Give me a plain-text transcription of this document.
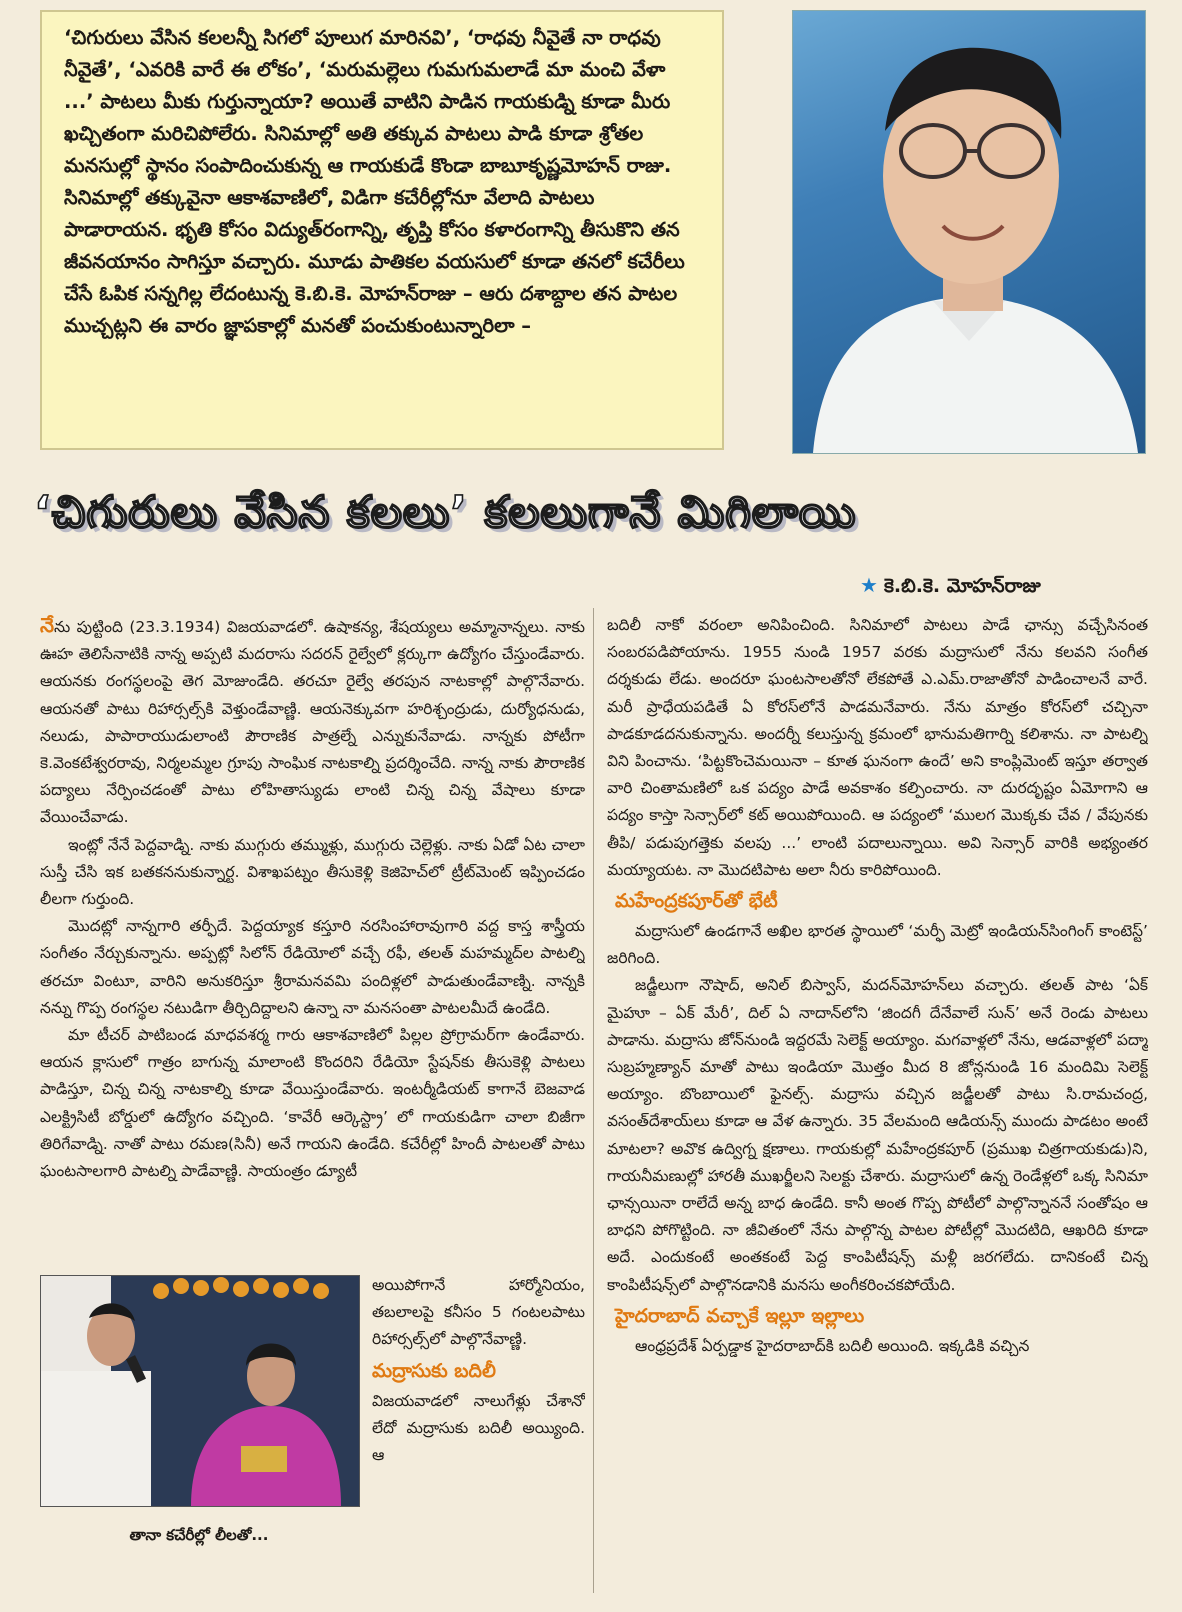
‘చిగురులు వేసిన కలలన్నీ సిగలో పూలుగ మారినవి’, ‘రాధవు నీవైతే నా రాధవు నీవైతే’, ‘ఎవరికి వారే ఈ లోకం’, ‘మరుమల్లెలు గుమగుమలాడే మా మంచి వేళా ...’ పాటలు మీకు గుర్తున్నాయా? అయితే వాటిని పాడిన గాయకుడ్ని కూడా మీరు ఖచ్చితంగా మరిచిపోలేరు. సినిమాల్లో అతి తక్కువ పాటలు పాడి కూడా శ్రోతల మనసుల్లో స్థానం సంపాదించుకున్న ఆ గాయకుడే కొండా బాబూకృష్ణమోహన్ రాజు. సినిమాల్లో తక్కువైనా ఆకాశవాణిలో, విడిగా కచేరీల్లోనూ వేలాది పాటలు పాడారాయన. భృతి కోసం విద్యుత్‌రంగాన్ని, తృప్తి కోసం కళారంగాన్ని తీసుకొని తన జీవనయానం సాగిస్తూ వచ్చారు. మూడు పాతికల వయసులో కూడా తనలో కచేరీలు చేసే ఓపిక సన్నగిల్ల లేదంటున్న కె.బి.కె. మోహన్‌రాజు – ఆరు దశాబ్దాల తన పాటల ముచ్చట్లని ఈ వారం జ్ఞాపకాల్లో మనతో పంచుకుంటున్నారిలా –

‘చిగురులు వేసిన కలలు’ కలలుగానే మిగిలాయి
★ కె.బి.కె. మోహన్‌రాజు

నేను పుట్టింది (23.3.1934) విజయవాడలో. ఉషాకన్య, శేషయ్యలు అమ్మానాన్నలు. నాకు ఊహ తెలిసేనాటికి నాన్న అప్పటి మదరాసు సదరన్ రైల్వేలో క్లర్కుగా ఉద్యోగం చేస్తుండేవారు. ఆయనకు రంగస్థలంపై తెగ మోజుండేది. తరచూ రైల్వే తరపున నాటకాల్లో పాల్గొనేవారు. ఆయనతో పాటు రిహార్సల్స్‌కి వెళ్తుండేవాణ్ణి. ఆయనెక్కువగా హరిశ్చంద్రుడు, దుర్యోధనుడు, నలుడు, పాపారాయుడులాంటి పౌరాణిక పాత్రల్నే ఎన్నుకునేవాడు. నాన్నకు పోటీగా కె.వెంకటేశ్వరరావు, నిర్మలమ్మల గ్రూపు సాంఘిక నాటకాల్ని ప్రదర్శించేది. నాన్న నాకు పౌరాణిక పద్యాలు నేర్పించడంతో పాటు లోహితాస్యుడు లాంటి చిన్న చిన్న వేషాలు కూడా వేయించేవాడు.

ఇంట్లో నేనే పెద్దవాడ్ని. నాకు ముగ్గురు తమ్ముళ్లు, ముగ్గురు చెల్లెళ్లు. నాకు ఏడో ఏట చాలా సుస్తీ చేసి ఇక బతకననుకున్నార్ట. విశాఖపట్నం తీసుకెళ్లి కెజిహెచ్‌లో ట్రీట్‌మెంట్ ఇప్పించడం లీలగా గుర్తుంది.

మొదట్లో నాన్నగారి తర్ఫీదే. పెద్దయ్యాక కస్తూరి నరసింహారావుగారి వద్ద కాస్త శాస్త్రీయ సంగీతం నేర్చుకున్నాను. అప్పట్లో సిలోన్ రేడియోలో వచ్చే రఫీ, తలత్ మహమ్మద్‌ల పాటల్ని తరచూ వింటూ, వారిని అనుకరిస్తూ శ్రీరామనవమి పందిళ్లలో పాడుతుండేవాణ్ని. నాన్నకి నన్ను గొప్ప రంగస్థల నటుడిగా తీర్చిదిద్దాలని ఉన్నా నా మనసంతా పాటలమీదే ఉండేది.

మా టీచర్ పాటిబండ మాధవశర్మ గారు ఆకాశవాణిలో పిల్లల ప్రోగ్రామర్‌గా ఉండేవారు. ఆయన క్లాసులో గాత్రం బాగున్న మాలాంటి కొందరిని రేడియో స్టేషన్‌కు తీసుకెళ్లి పాటలు పాడిస్తూ, చిన్న చిన్న నాటకాల్ని కూడా వేయిస్తుండేవారు. ఇంటర్మీడియట్ కాగానే బెజవాడ ఎలక్ట్రిసిటీ బోర్డులో ఉద్యోగం వచ్చింది. ‘కావేరీ ఆర్కెస్ట్రా’ లో గాయకుడిగా చాలా బిజీగా తిరిగేవాడ్ని. నాతో పాటు రమణ(సినీ) అనే గాయని ఉండేది. కచేరీల్లో హిందీ పాటలతో పాటు ఘంటసాలగారి పాటల్ని పాడేవాణ్ణి. సాయంత్రం డ్యూటీ

తానా కచేరీల్లో లీలతో...

అయిపోగానే హార్మోనియం, తబలాలపై కనీసం 5 గంటలపాటు రిహార్సల్స్‌లో పాల్గొనేవాణ్ణి.

మద్రాసుకు బదిలీ

విజయవాడలో నాలుగేళ్లు చేశానో లేదో మద్రాసుకు బదిలీ అయ్యింది. ఆ

బదిలీ నాకో వరంలా అనిపించింది. సినిమాలో పాటలు పాడే ఛాన్సు వచ్చేసినంత సంబరపడిపోయాను. 1955 నుండి 1957 వరకు మద్రాసులో నేను కలవని సంగీత దర్శకుడు లేడు. అందరూ ఘంటసాలతోనో లేకపోతే ఎ.ఎమ్.రాజాతోనో పాడించాలనే వారే. మరీ ప్రాధేయపడితే ఏ కోరస్‌లోనే పాడమనేవారు. నేను మాత్రం కోరస్‌లో చచ్చినా పాడకూడదనుకున్నాను. అందర్నీ కలుస్తున్న క్రమంలో భానుమతిగార్ని కలిశాను. నా పాటల్ని విని పించాను. ‘పిట్టకొంచెమయినా – కూత ఘనంగా ఉందే’ అని కాంప్లిమెంట్ ఇస్తూ తర్వాత వారి చింతామణిలో ఒక పద్యం పాడే అవకాశం కల్పించారు. నా దురదృష్టం ఏమోగాని ఆ పద్యం కాస్తా సెన్సార్‌లో కట్ అయిపోయింది. ఆ పద్యంలో ‘ములగ మొక్కకు చేవ / వేపునకు తీపి/ పడుపుగత్తెకు వలపు ...’ లాంటి పదాలున్నాయి. అవి సెన్సార్ వారికి అభ్యంతర మయ్యాయట. నా మొదటిపాట అలా నీరు కారిపోయింది.

మహేంద్రకపూర్‌తో భేటీ

మద్రాసులో ఉండగానే అఖిల భారత స్థాయిలో ‘మర్ఫీ మెట్రో ఇండియన్‌సింగింగ్ కాంటెస్ట్’ జరిగింది.

జడ్జీలుగా నౌషాద్, అనిల్ బిస్వాస్, మదన్‌మోహన్‌లు వచ్చారు. తలత్ పాట ‘ఏక్ మైహూ – ఏక్ మేరీ’, దిల్ ఏ నాదాన్‌లోని ‘జిందగీ దేనేవాలే సున్’ అనే రెండు పాటలు పాడాను. మద్రాసు జోన్‌నుండి ఇద్దరమే సెలెక్ట్ అయ్యాం. మగవాళ్లలో నేను, ఆడవాళ్లలో పద్మా సుబ్రహ్మణ్యాన్ మాతో పాటు ఇండియా మొత్తం మీద 8 జోన్లనుండి 16 మందిమి సెలెక్ట్ అయ్యాం. బొంబాయిలో ఫైనల్స్. మద్రాసు వచ్చిన జడ్జీలతో పాటు సి.రామచంద్ర, వసంత్‌దేశాయ్‌లు కూడా ఆ వేళ ఉన్నారు. 35 వేలమంది ఆడియన్స్ ముందు పాడటం అంటే మాటలా? అవొక ఉద్విగ్న క్షణాలు. గాయకుల్లో మహేంద్రకపూర్ (ప్రముఖ చిత్రగాయకుడు)ని, గాయనీమణుల్లో హారతీ ముఖర్జీలని సెలక్టు చేశారు. మద్రాసులో ఉన్న రెండేళ్లలో ఒక్క సినిమా ఛాన్సయినా రాలేదే అన్న బాధ ఉండేది. కానీ అంత గొప్ప పోటీలో పాల్గొన్నాననే సంతోషం ఆ బాధని పోగొట్టింది. నా జీవితంలో నేను పాల్గొన్న పాటల పోటీల్లో మొదటిది, ఆఖరిది కూడా అదే. ఎందుకంటే అంతకంటే పెద్ద కాంపిటీషన్స్ మళ్లీ జరగలేదు. దానికంటే చిన్న కాంపిటీషన్స్‌లో పాల్గొనడానికి మనసు అంగీకరించకపోయేది.

హైదరాబాద్ వచ్చాకే ఇల్లూ ఇల్లాలు

ఆంధ్రప్రదేశ్ ఏర్పడ్డాక హైదరాబాద్‌కి బదిలీ అయింది. ఇక్కడికి వచ్చిన
